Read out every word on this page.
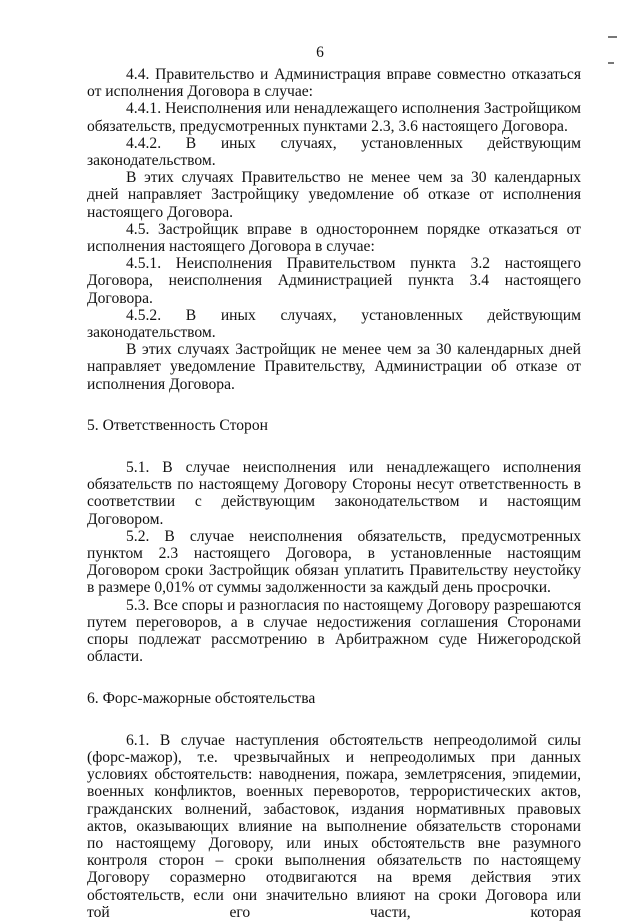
6

4.4. Правительство и Администрация вправе совместно отказаться от исполнения Договора в случае:

4.4.1. Неисполнения или ненадлежащего исполнения Застройщиком обязательств, предусмотренных пунктами 2.3, 3.6 настоящего Договора.

4.4.2. В иных случаях, установленных действующим

законодательством.

В этих случаях Правительство не менее чем за 30 календарных дней направляет Застройщику уведомление об отказе от исполнения настоящего Договора.

4.5. Застройщик вправе в одностороннем порядке отказаться от исполнения настоящего Договора в случае:

4.5.1. Неисполнения Правительством пункта 3.2 настоящего Договора, неисполнения Администрацией пункта 3.4 настоящего Договора.

4.5.2. В иных случаях, установленных действующим

законодательством.

В этих случаях Застройщик не менее чем за 30 календарных дней направляет уведомление Правительству, Администрации об отказе от исполнения Договора.

5. Ответственность Сторон

5.1. В случае неисполнения или ненадлежащего исполнения обязательств по настоящему Договору Стороны несут ответственность в соответствии с действующим законодательством и настоящим Договором.

5.2. В случае неисполнения обязательств, предусмотренных пунктом 2.3 настоящего Договора, в установленные настоящим Договором сроки Застройщик обязан уплатить Правительству неустойку в размере 0,01% от суммы задолженности за каждый день просрочки.

5.3. Все споры и разногласия по настоящему Договору разрешаются путем переговоров, а в случае недостижения соглашения Сторонами споры подлежат рассмотрению в Арбитражном суде Нижегородской области.

6. Форс-мажорные обстоятельства

6.1. В случае наступления обстоятельств непреодолимой силы (форс-мажор), т.е. чрезвычайных и непреодолимых при данных условиях обстоятельств: наводнения, пожара, землетрясения, эпидемии, военных конфликтов, военных переворотов, террористических актов, гражданских волнений, забастовок, издания нормативных правовых актов, оказывающих влияние на выполнение обязательств сторонами по настоящему Договору, или иных обстоятельств вне разумного контроля сторон – сроки выполнения обязательств по настоящему Договору соразмерно отодвигаются на время действия этих обстоятельств, если они значительно влияют на сроки Договора или той его части, которая
